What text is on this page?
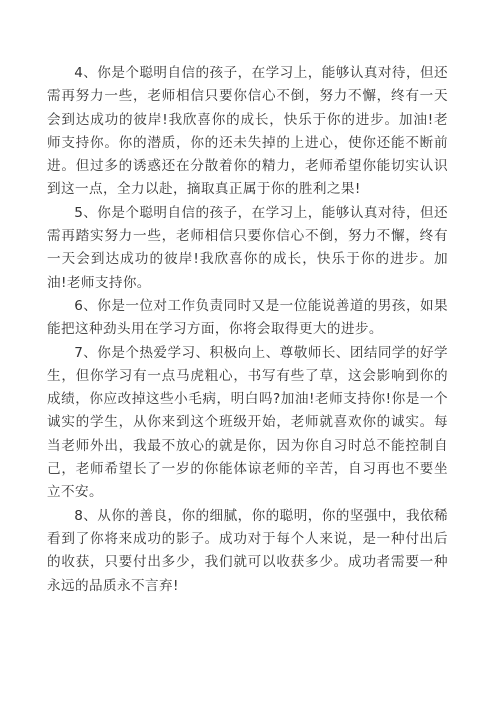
4、你是个聪明自信的孩子，在学习上，能够认真对待，但还需再努力一些，老师相信只要你信心不倒，努力不懈，终有一天会到达成功的彼岸!我欣喜你的成长，快乐于你的进步。加油!老师支持你。你的潜质，你的还未失掉的上进心，使你还能不断前进。但过多的诱惑还在分散着你的精力，老师希望你能切实认识到这一点，全力以赴，摘取真正属于你的胜利之果!

5、你是个聪明自信的孩子，在学习上，能够认真对待，但还需再踏实努力一些，老师相信只要你信心不倒，努力不懈，终有一天会到达成功的彼岸!我欣喜你的成长，快乐于你的进步。加油!老师支持你。

6、你是一位对工作负责同时又是一位能说善道的男孩，如果能把这种劲头用在学习方面，你将会取得更大的进步。

7、你是个热爱学习、积极向上、尊敬师长、团结同学的好学生，但你学习有一点马虎粗心，书写有些了草，这会影响到你的成绩，你应改掉这些小毛病，明白吗?加油!老师支持你!你是一个诚实的学生，从你来到这个班级开始，老师就喜欢你的诚实。每当老师外出，我最不放心的就是你，因为你自习时总不能控制自己，老师希望长了一岁的你能体谅老师的辛苦，自习再也不要坐立不安。

8、从你的善良，你的细腻，你的聪明，你的坚强中，我依稀看到了你将来成功的影子。成功对于每个人来说，是一种付出后的收获，只要付出多少，我们就可以收获多少。成功者需要一种永远的品质永不言弃!
